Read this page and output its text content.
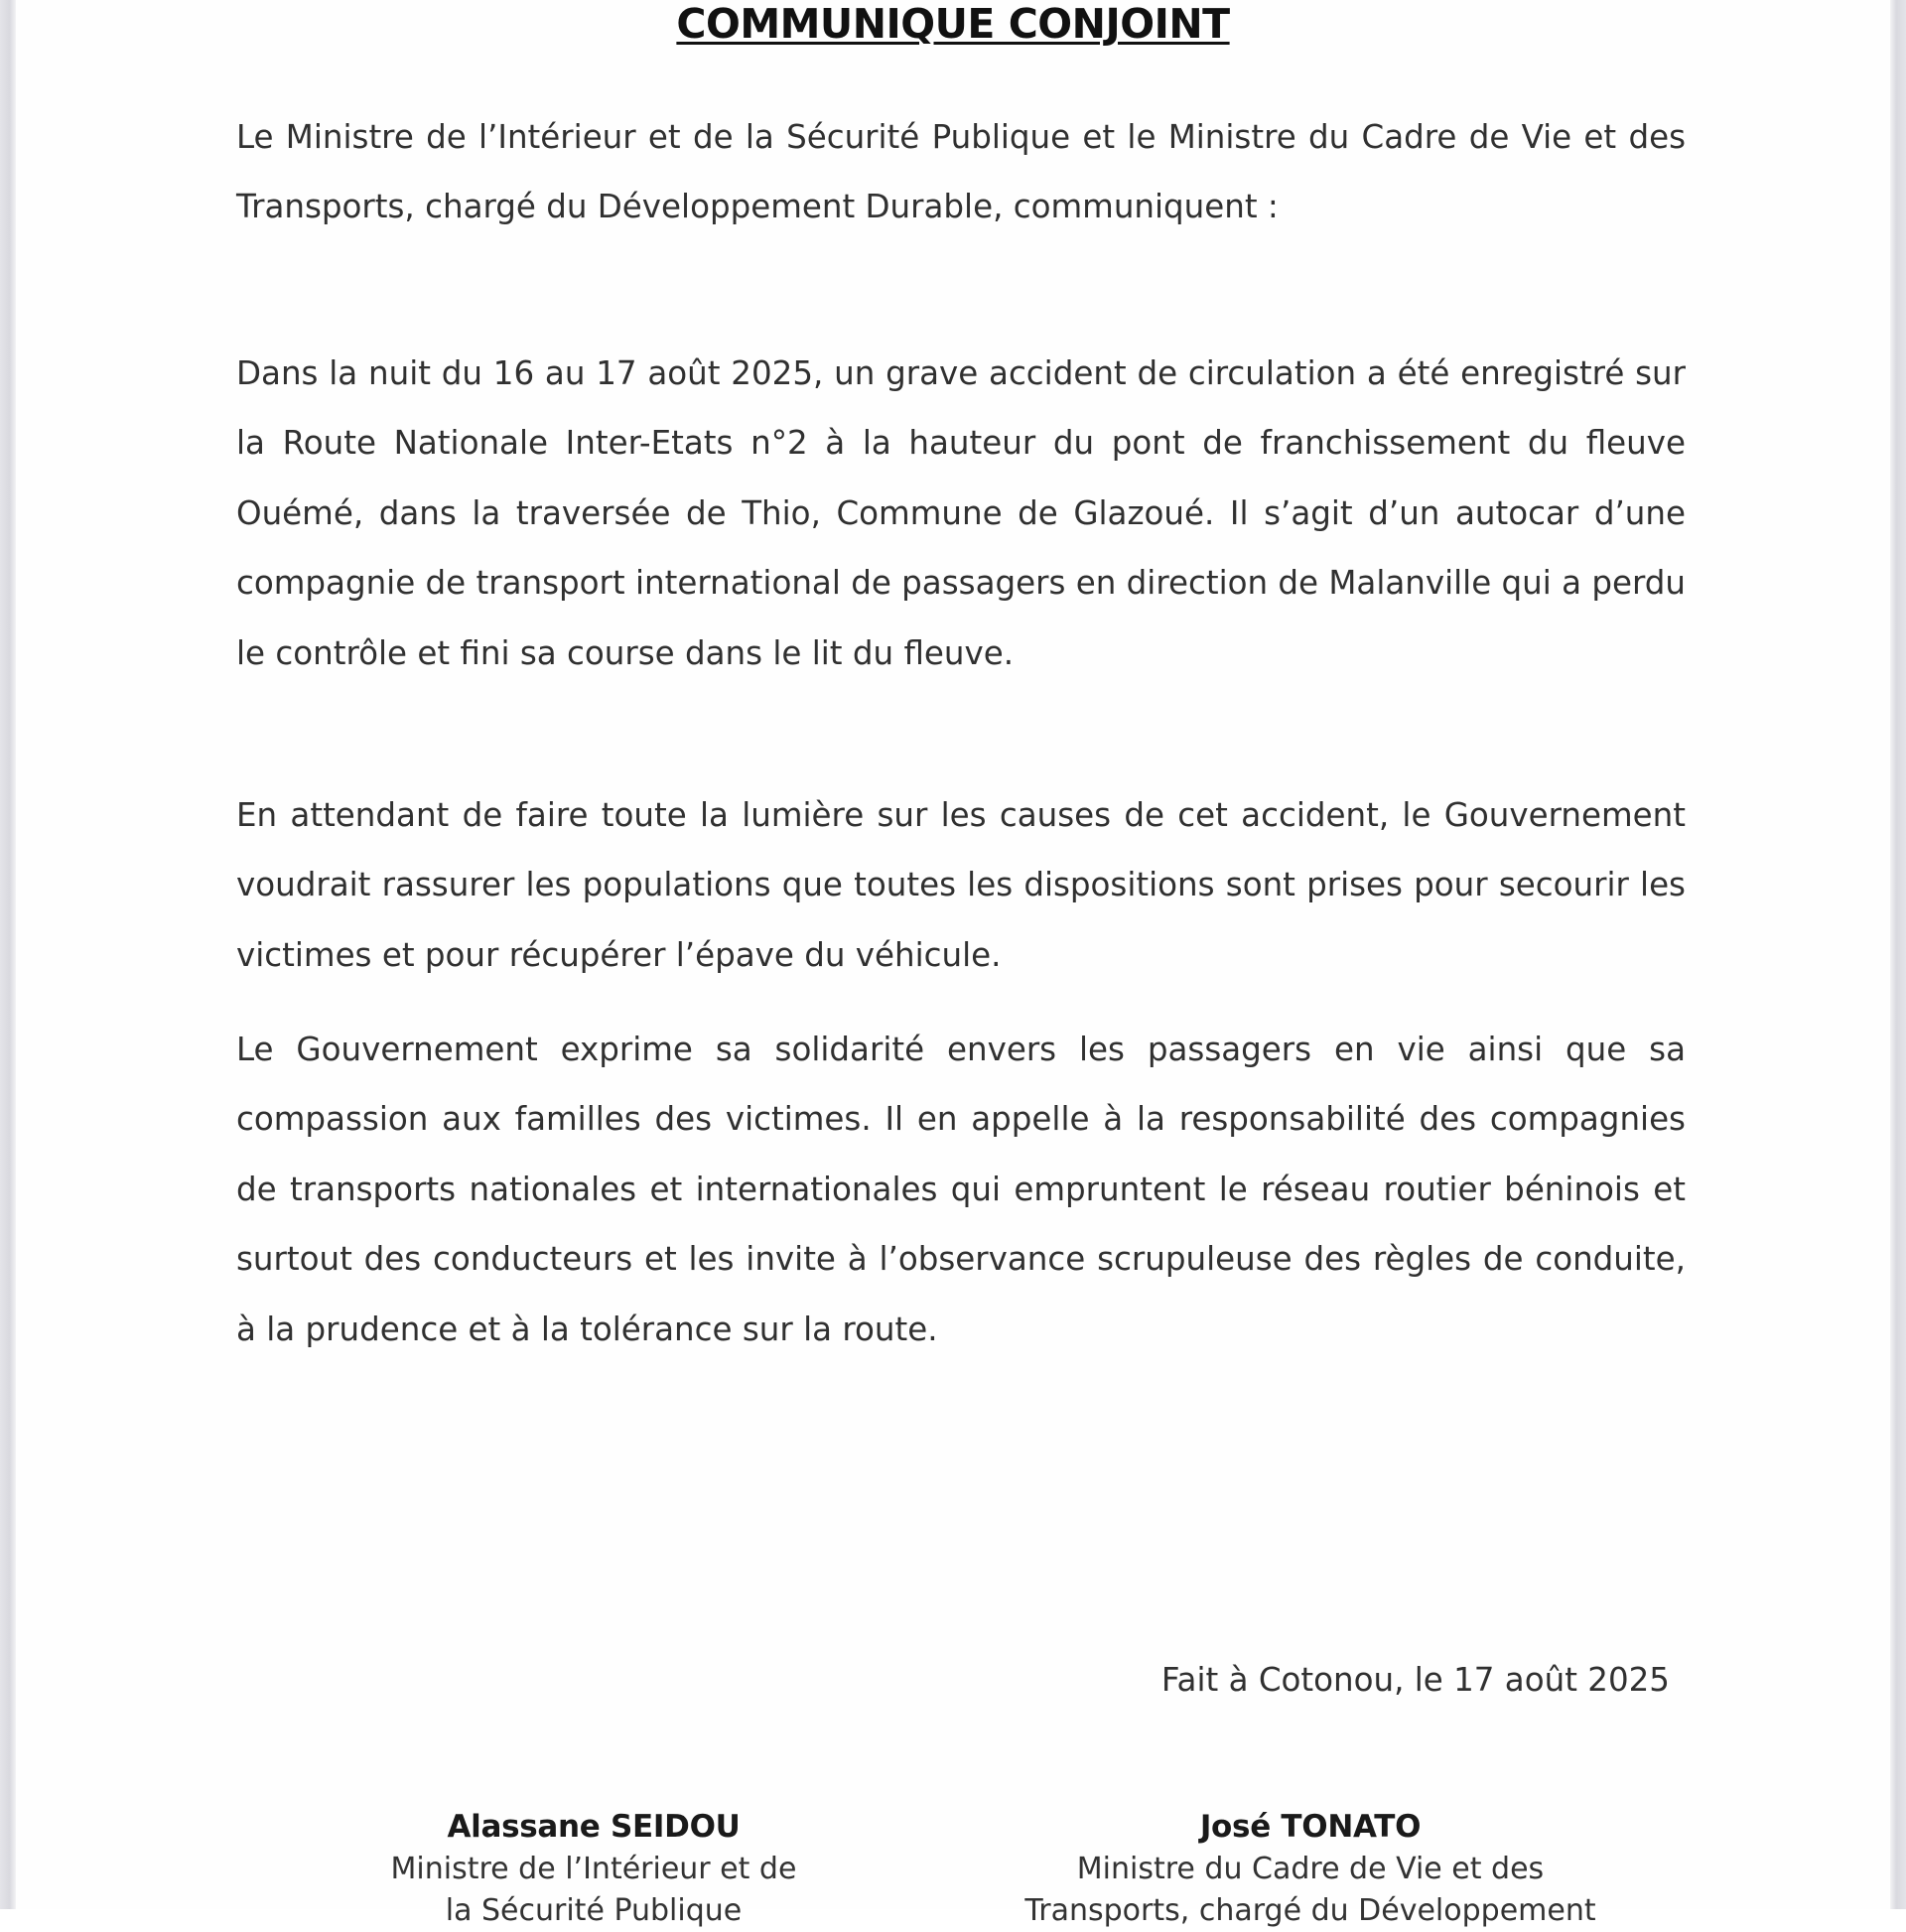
COMMUNIQUE CONJOINT

Le Ministre de l’Intérieur et de la Sécurité Publique et le Ministre du Cadre de Vie et des Transports, chargé du Développement Durable, communiquent :

Dans la nuit du 16 au 17 août 2025, un grave accident de circulation a été enregistré sur la Route Nationale Inter-Etats n°2 à la hauteur du pont de franchissement du fleuve Ouémé, dans la traversée de Thio, Commune de Glazoué. Il s’agit d’un autocar d’une compagnie de transport international de passagers en direction de Malanville qui a perdu le contrôle et fini sa course dans le lit du fleuve.

En attendant de faire toute la lumière sur les causes de cet accident, le Gouvernement voudrait rassurer les populations que toutes les dispositions sont prises pour secourir les victimes et pour récupérer l’épave du véhicule.

Le Gouvernement exprime sa solidarité envers les passagers en vie ainsi que sa compassion aux familles des victimes. Il en appelle à la responsabilité des compagnies de transports nationales et internationales qui empruntent le réseau routier béninois et surtout des conducteurs et les invite à l’observance scrupuleuse des règles de conduite, à la prudence et à la tolérance sur la route.

Fait à Cotonou, le 17 août 2025
Alassane SEIDOU
Ministre de l’Intérieur et de
la Sécurité Publique
José TONATO
Ministre du Cadre de Vie et des
Transports, chargé du Développement
